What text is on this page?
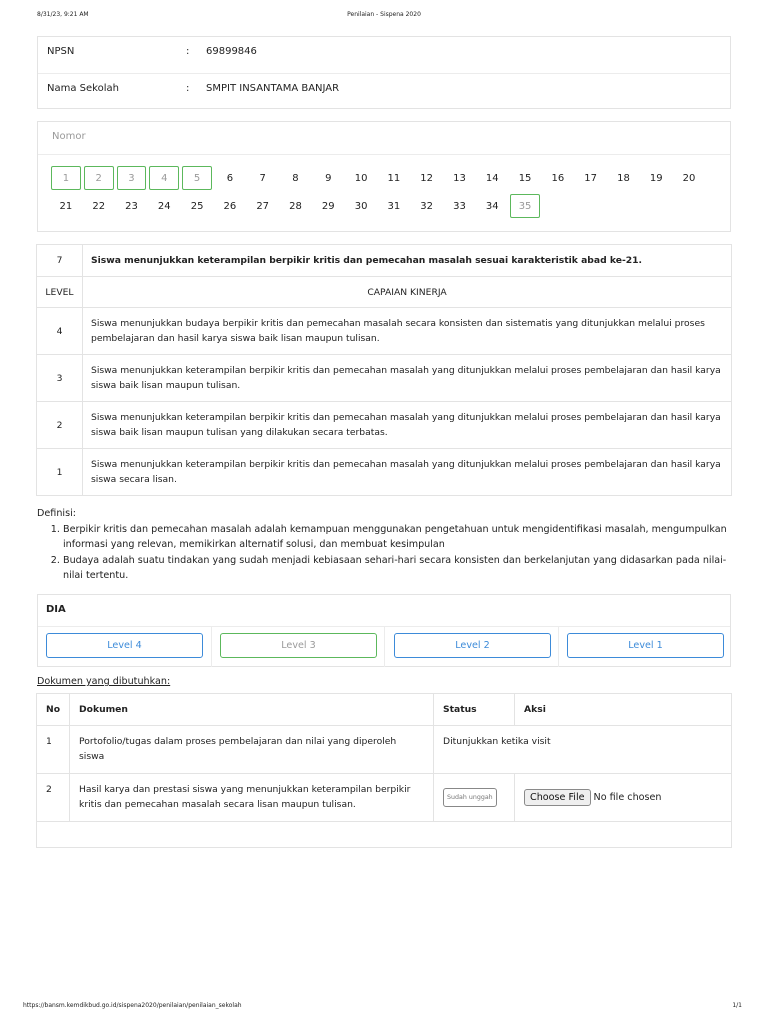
8/31/23, 9:21 AM	Penilaian - Sispena 2020
NPSN	: 69899846
Nama Sekolah	: SMPIT INSANTAMA BANJAR
Nomor
1	2	3	4	5	6	7	8	9	10	11	12	13	14	15	16	17	18	19	20
21	22	23	24	25	26	27	28	29	30	31	32	33	34	35
7	Siswa menunjukkan keterampilan berpikir kritis dan pemecahan masalah sesuai karakteristik abad ke-21.
LEVEL	CAPAIAN KINERJA
4	Siswa menunjukkan budaya berpikir kritis dan pemecahan masalah secara konsisten dan sistematis yang ditunjukkan melalui proses pembelajaran dan hasil karya siswa baik lisan maupun tulisan.
3	Siswa menunjukkan keterampilan berpikir kritis dan pemecahan masalah yang ditunjukkan melalui proses pembelajaran dan hasil karya siswa baik lisan maupun tulisan.
2	Siswa menunjukkan keterampilan berpikir kritis dan pemecahan masalah yang ditunjukkan melalui proses pembelajaran dan hasil karya siswa baik lisan maupun tulisan yang dilakukan secara terbatas.
1	Siswa menunjukkan keterampilan berpikir kritis dan pemecahan masalah yang ditunjukkan melalui proses pembelajaran dan hasil karya siswa secara lisan.
Definisi:
1. Berpikir kritis dan pemecahan masalah adalah kemampuan menggunakan pengetahuan untuk mengidentifikasi masalah, mengumpulkan informasi yang relevan, memikirkan alternatif solusi, dan membuat kesimpulan
2. Budaya adalah suatu tindakan yang sudah menjadi kebiasaan sehari-hari secara konsisten dan berkelanjutan yang didasarkan pada nilai-nilai tertentu.
DIA
Level 4	Level 3	Level 2	Level 1
Dokumen yang dibutuhkan:
No	Dokumen	Status	Aksi
1	Portofolio/tugas dalam proses pembelajaran dan nilai yang diperoleh siswa	Ditunjukkan ketika visit	
2	Hasil karya dan prestasi siswa yang menunjukkan keterampilan berpikir kritis dan pemecahan masalah secara lisan maupun tulisan.	Sudah unggah	Choose File No file chosen

https://bansm.kemdikbud.go.id/sispena2020/penilaian/penilaian_sekolah	1/1
